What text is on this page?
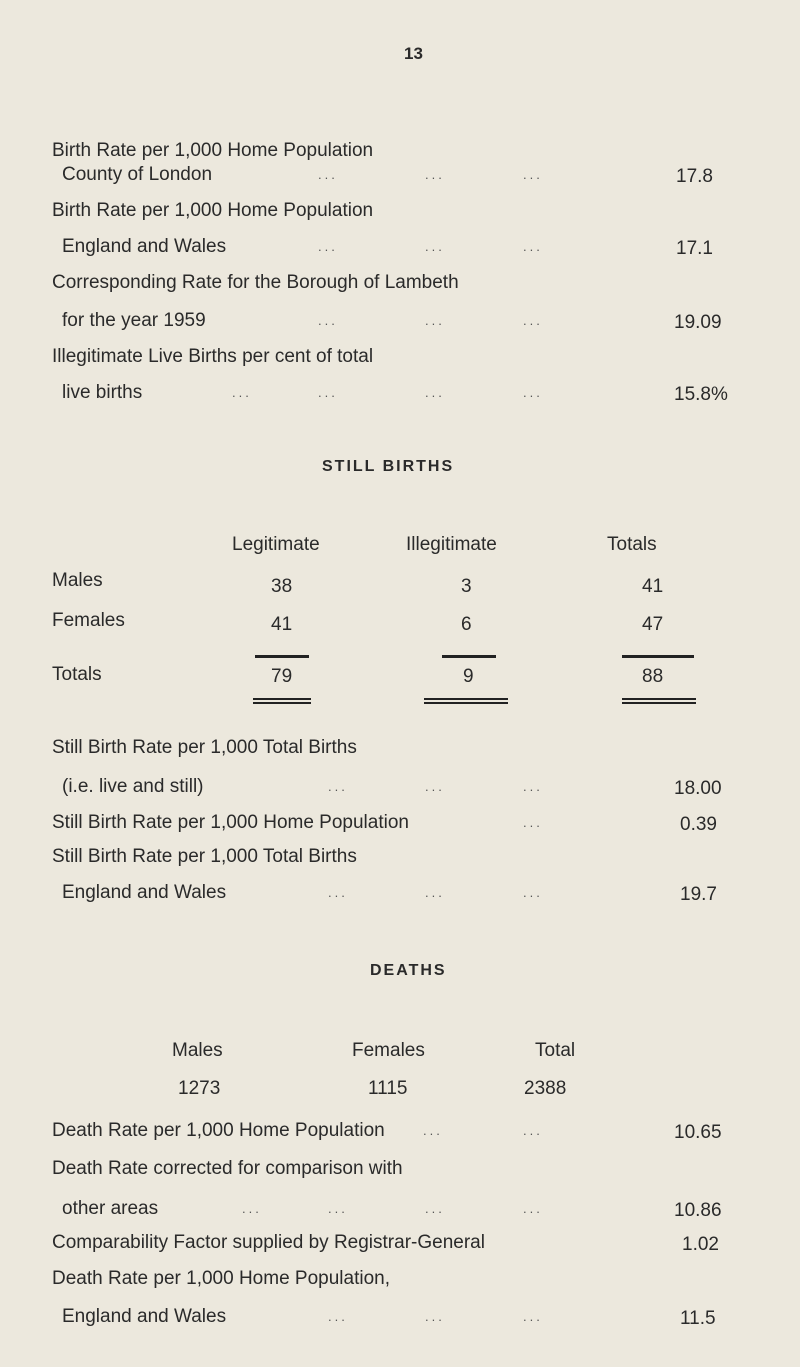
13
Birth Rate per 1,000 Home Population
County of London	...	...	...	17.8
Birth Rate per 1,000 Home Population
England and Wales	...	...	...	17.1
Corresponding Rate for the Borough of Lambeth
for the year 1959	...	...	...	19.09
Illegitimate Live Births per cent of total
live births	...	...	...	...	15.8%
STILL BIRTHS
Legitimate	Illegitimate	Totals
Males	38	3	41
Females	41	6	47
Totals	79	9	88
Still Birth Rate per 1,000 Total Births
(i.e. live and still)	...	...	...	18.00
Still Birth Rate per 1,000 Home Population	...	0.39
Still Birth Rate per 1,000 Total Births
England and Wales	...	...	...	19.7
DEATHS
Males	Females	Total
1273	1115	2388
Death Rate per 1,000 Home Population	...	...	10.65
Death Rate corrected for comparison with
other areas	...	...	...	...	10.86
Comparability Factor supplied by Registrar-General	1.02
Death Rate per 1,000 Home Population,
England and Wales	...	...	...	11.5
